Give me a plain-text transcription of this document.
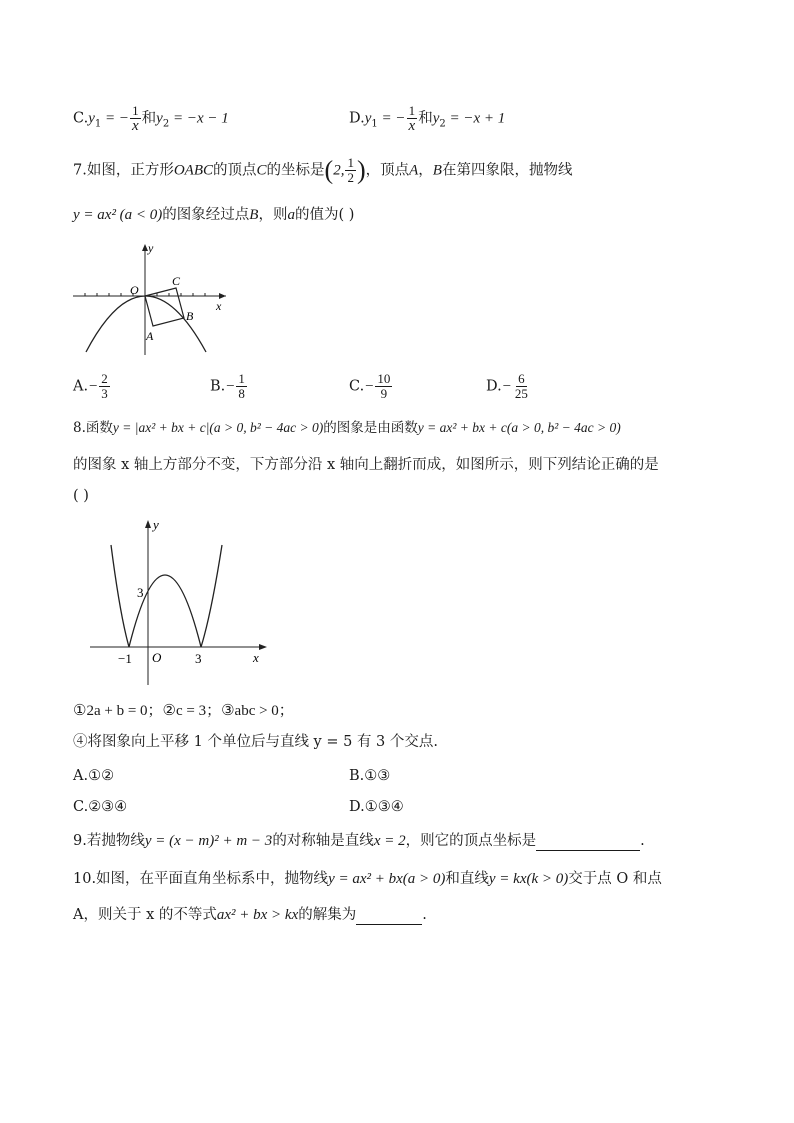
$C.y_1$ = − $\frac{1}{x}$ 和$y_2 = -x - 1$	$D.y_1$ = − $\frac{1}{x}$ 和$y_2 = -x + 1$
7.如图，正方形OABC的顶点C的坐标是(2, $\frac{1}{2}$ )，顶点A，B在第四象限，抛物线
y = ax² (a < 0)的图象经过点B，则a的值为( )
y
x
O
C
B
A
$A.- \frac{2}{3}$	$B.- \frac{1}{8}$	$C.- \frac{10}{9}$	$D.- \frac{6}{25}$
8.函数y = |ax² + bx + c|(a > 0, b² − 4ac > 0)的图象是由函数y = ax² + bx + c(a > 0, b² − 4ac > 0)
的图象 x 轴上方部分不变，下方部分沿 x 轴向上翻折而成，如图所示，则下列结论正确的是
( )
y
x
O
3
−1	3
①2a + b = 0；②c = 3；③abc > 0；
④将图象向上平移 1 个单位后与直线 y = 5 有 3 个交点.
A.①②	B.①③
C.②③④	D.①③④
9.若抛物线y = (x − m)² + m − 3的对称轴是直线x = 2，则它的顶点坐标是	.
10.如图，在平面直角坐标系中，抛物线y = ax² + bx(a > 0)和直线y = kx(k > 0)交于点 O 和点
A，则关于 x 的不等式ax² + bx > kx的解集为	.
